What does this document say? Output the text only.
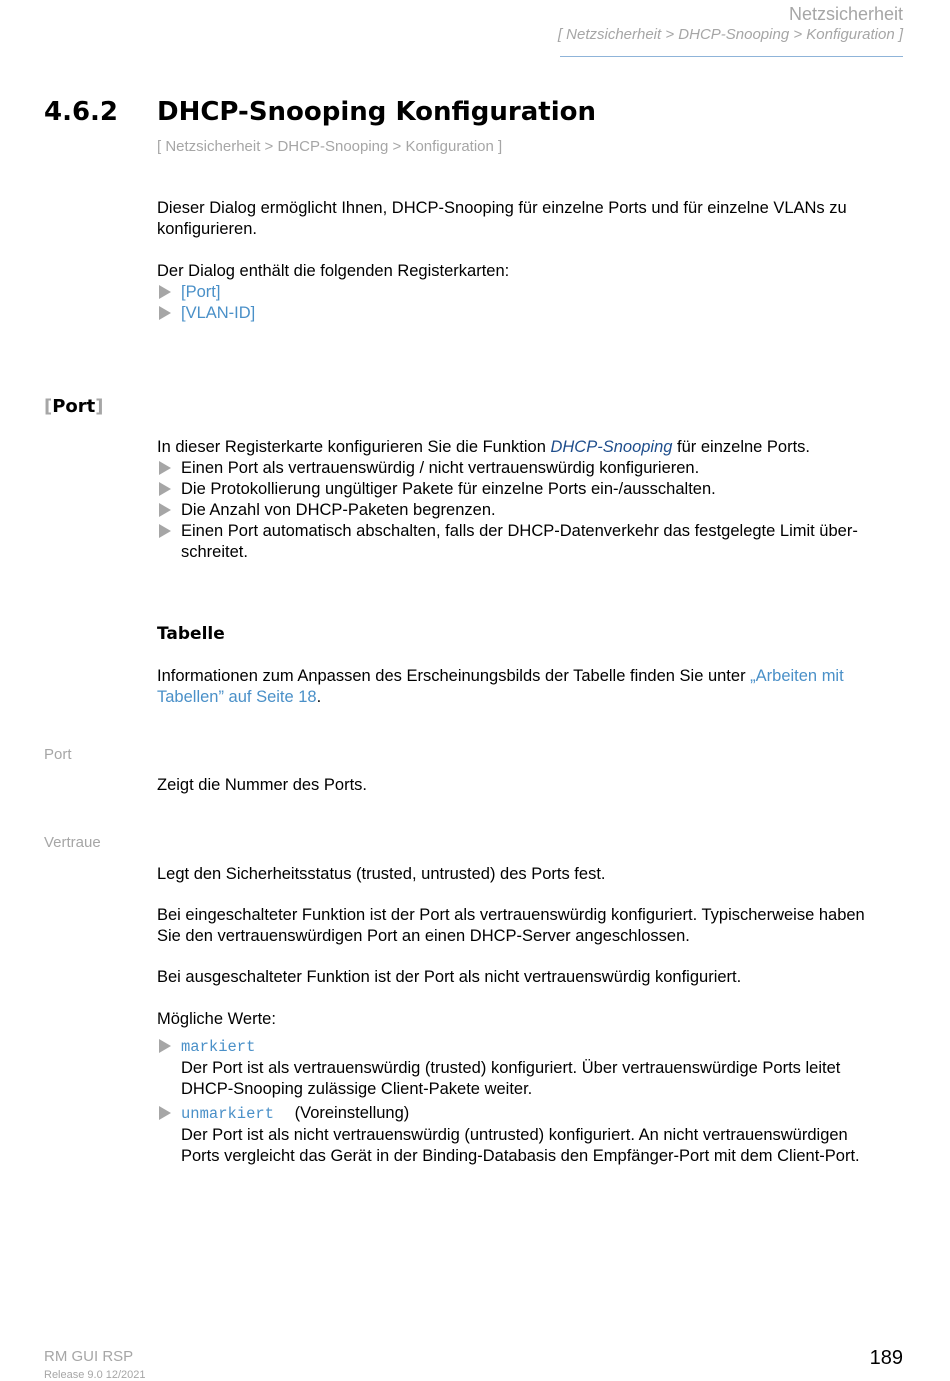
Netzsicherheit
[ Netzsicherheit > DHCP-Snooping > Konfiguration ]
4.6.2 DHCP-Snooping Konfiguration
[ Netzsicherheit > DHCP-Snooping > Konfiguration ]
Dieser Dialog ermöglicht Ihnen, DHCP-Snooping für einzelne Ports und für einzelne VLANs zu
konfigurieren.
Der Dialog enthält die folgenden Registerkarten:
[Port]
[VLAN-ID]
[Port]
In dieser Registerkarte konfigurieren Sie die Funktion DHCP-Snooping für einzelne Ports.
Einen Port als vertrauenswürdig / nicht vertrauenswürdig konfigurieren.
Die Protokollierung ungültiger Pakete für einzelne Ports ein-/ausschalten.
Die Anzahl von DHCP-Paketen begrenzen.
Einen Port automatisch abschalten, falls der DHCP-Datenverkehr das festgelegte Limit über-
schreitet.
Tabelle
Informationen zum Anpassen des Erscheinungsbilds der Tabelle finden Sie unter „Arbeiten mit
Tabellen” auf Seite 18.
Port
Zeigt die Nummer des Ports.
Vertraue
Legt den Sicherheitsstatus (trusted, untrusted) des Ports fest.
Bei eingeschalteter Funktion ist der Port als vertrauenswürdig konfiguriert. Typischerweise haben
Sie den vertrauenswürdigen Port an einen DHCP-Server angeschlossen.
Bei ausgeschalteter Funktion ist der Port als nicht vertrauenswürdig konfiguriert.
Mögliche Werte:
markiert
Der Port ist als vertrauenswürdig (trusted) konfiguriert. Über vertrauenswürdige Ports leitet
DHCP-Snooping zulässige Client-Pakete weiter.
unmarkiert (Voreinstellung)
Der Port ist als nicht vertrauenswürdig (untrusted) konfiguriert. An nicht vertrauenswürdigen
Ports vergleicht das Gerät in der Binding-Databasis den Empfänger-Port mit dem Client-Port.
RM GUI RSP
Release 9.0 12/2021
189
